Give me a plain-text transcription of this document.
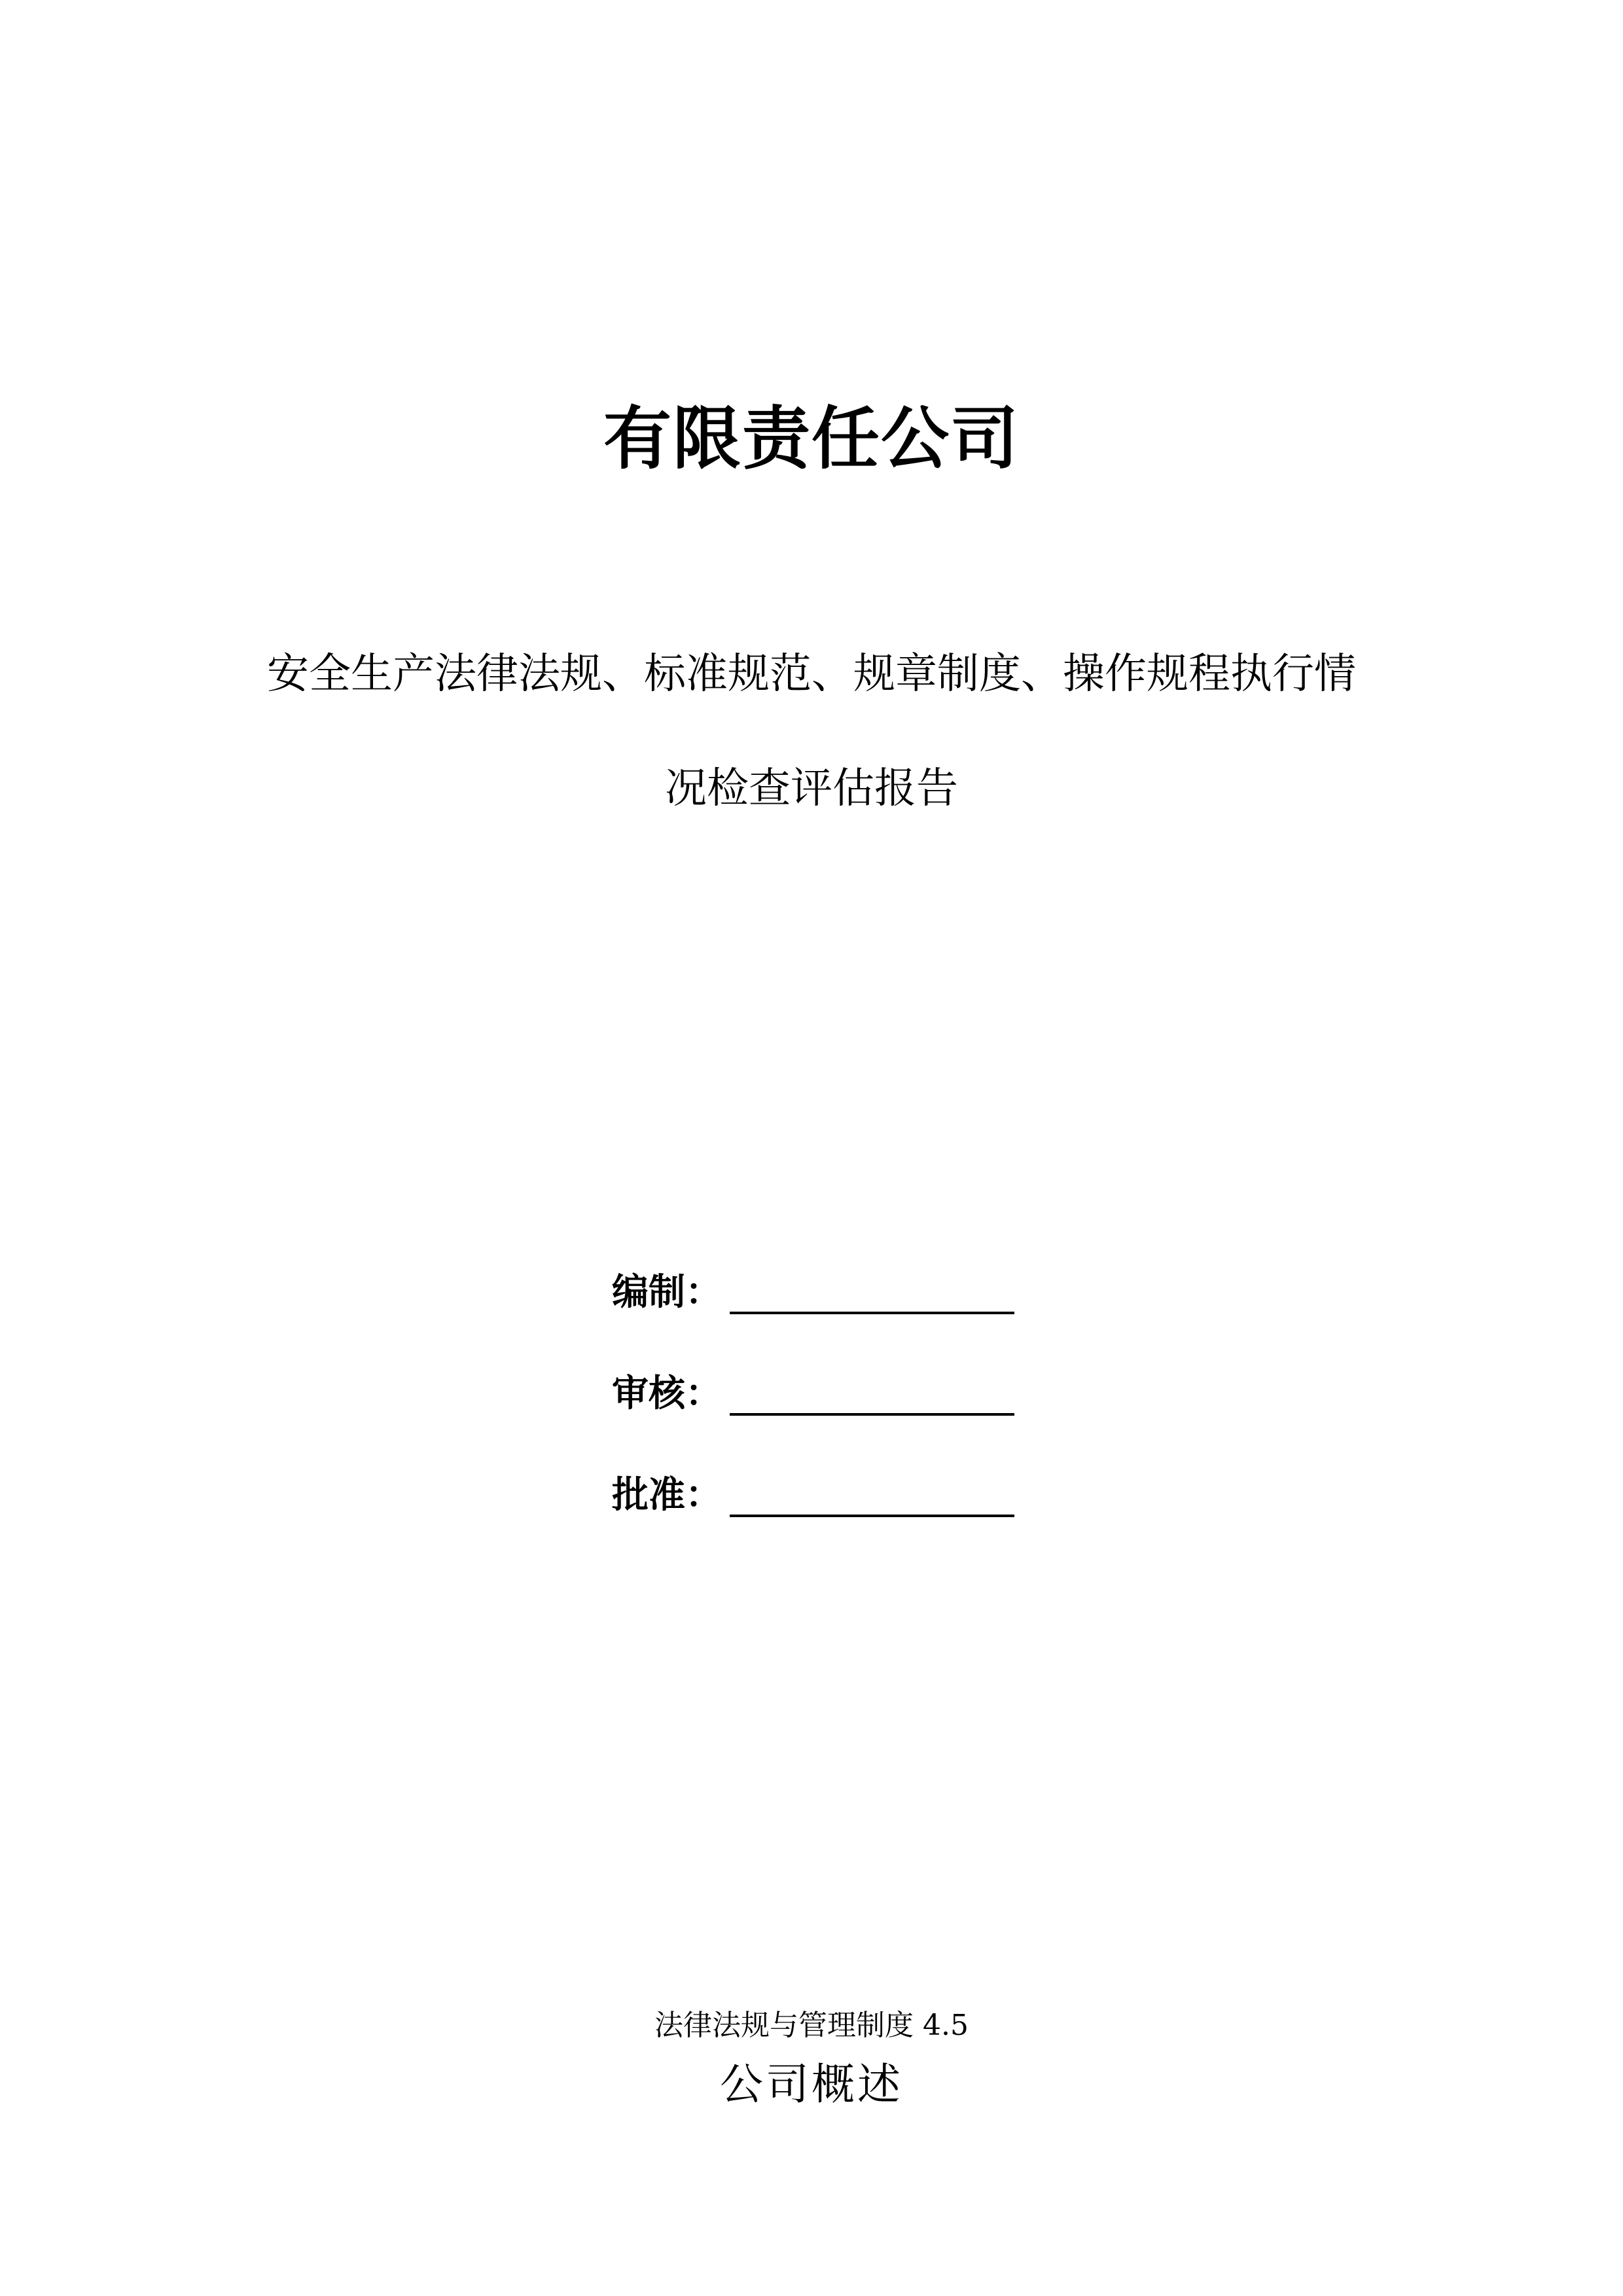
有限责任公司
安全生产法律法规、标准规范、规章制度、操作规程执行情
况检查评估报告
编制：
审核：
批准：
法律法规与管理制度 4.5
公司概述
